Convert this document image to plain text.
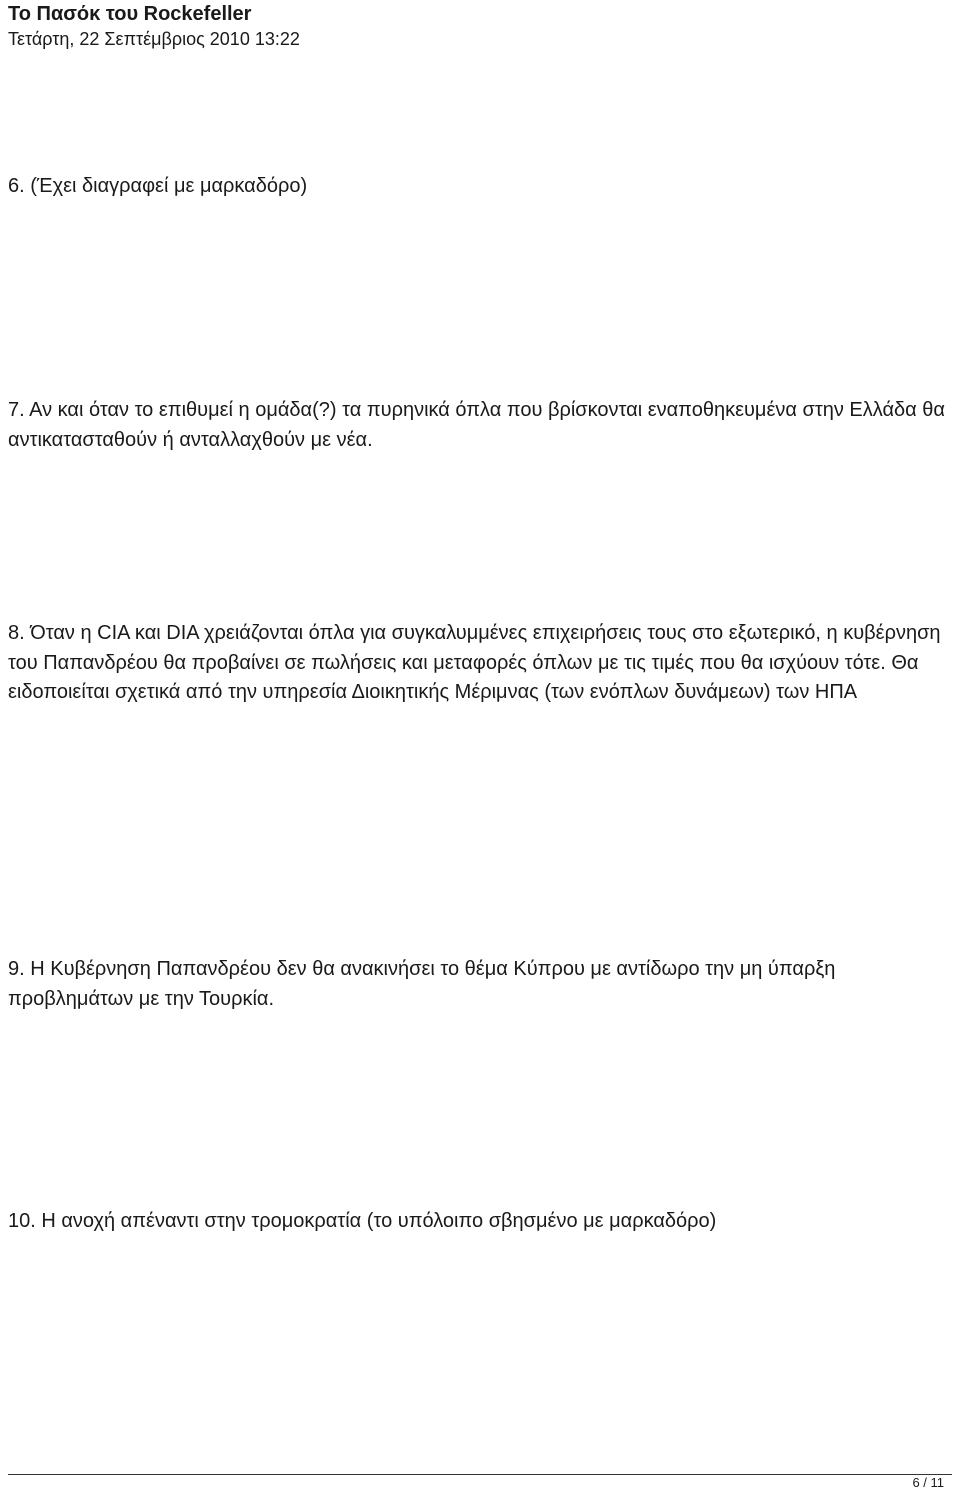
Το Πασόκ του Rockefeller
Τετάρτη, 22 Σεπτέμβριος 2010 13:22

6. (Έχει διαγραφεί με μαρκαδόρο)

7. Αν και όταν το επιθυμεί η ομάδα(?) τα πυρηνικά όπλα που βρίσκονται εναποθηκευμένα στην Ελλάδα θα αντικατασταθούν ή ανταλλαχθούν με νέα.

8. Όταν η CIA και DIA χρειάζονται όπλα για συγκαλυμμένες επιχειρήσεις τους στο εξωτερικό, η κυβέρνηση του Παπανδρέου θα προβαίνει σε πωλήσεις και μεταφορές όπλων με τις τιμές που θα ισχύουν τότε. Θα ειδοποιείται σχετικά από την υπηρεσία Διοικητικής Μέριμνας (των ενόπλων δυνάμεων) των ΗΠΑ

9. Η Κυβέρνηση Παπανδρέου δεν θα ανακινήσει το θέμα Κύπρου με αντίδωρο την μη ύπαρξη προβλημάτων με την Τουρκία.

10. Η ανοχή απέναντι στην τρομοκρατία (το υπόλοιπο σβησμένο με μαρκαδόρο)

6 / 11
